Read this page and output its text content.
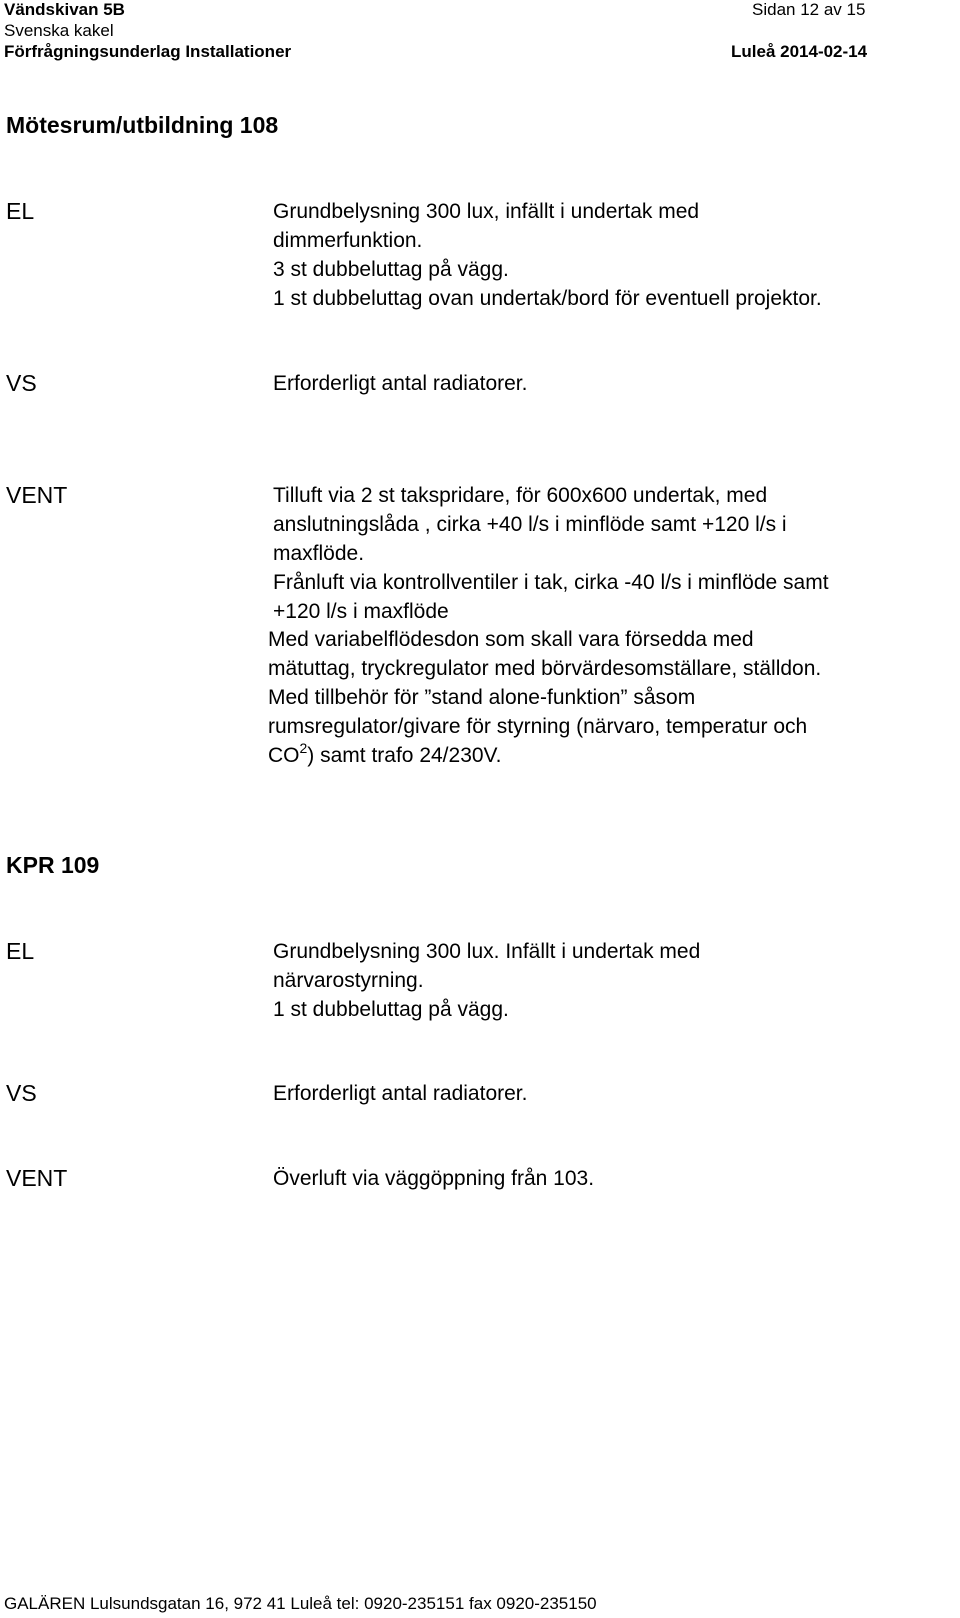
Vändskivan 5B	Sidan 12 av 15
Svenska kakel
Förfrågningsunderlag Installationer	Luleå 2014-02-14
Mötesrum/utbildning 108
EL	Grundbelysning 300 lux, infällt i undertak med
dimmerfunktion.
3 st dubbeluttag på vägg.
1 st dubbeluttag ovan undertak/bord för eventuell projektor.
VS	Erforderligt antal radiatorer.
VENT	Tilluft via 2 st takspridare, för 600x600 undertak, med
anslutningslåda , cirka +40 l/s i minflöde samt +120 l/s i
maxflöde.
Frånluft via kontrollventiler i tak, cirka -40 l/s i minflöde samt
+120 l/s i maxflöde
Med variabelflödesdon som skall vara försedda med
mätuttag, tryckregulator med börvärdesomställare, ställdon.
Med tillbehör för ”stand alone-funktion” såsom
rumsregulator/givare för styrning (närvaro, temperatur och
$CO^2$) samt trafo 24/230V.
KPR 109
EL	Grundbelysning 300 lux. Infällt i undertak med
närvarostyrning.
1 st dubbeluttag på vägg.
VS	Erforderligt antal radiatorer.
VENT	Överluft via väggöppning från 103.
GALÄREN Lulsundsgatan 16, 972 41 Luleå tel: 0920-235151 fax 0920-235150
